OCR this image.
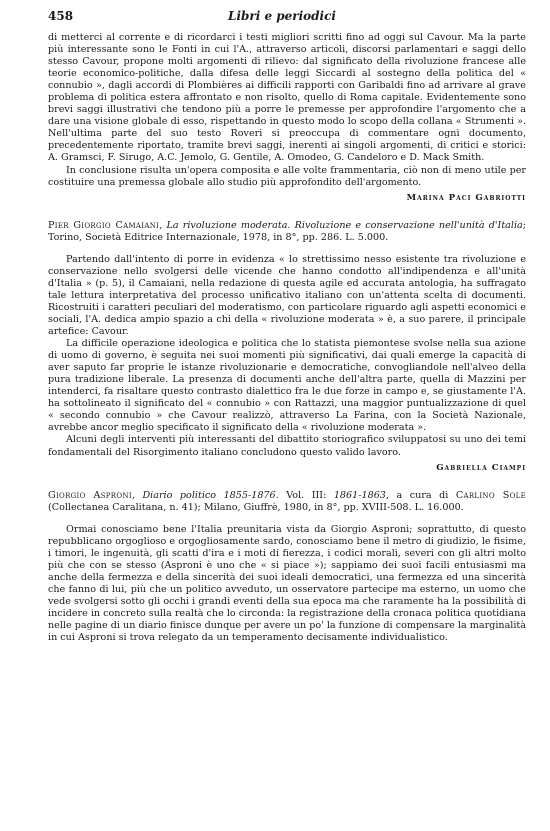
458	Libri e periodici

di metterci al corrente e di ricordarci i testi migliori scritti fino ad oggi sul Cavour. Ma la parte più interessante sono le Fonti in cui l'A., attraverso articoli, discorsi parlamentari e saggi dello stesso Cavour, propone molti argomenti di rilievo: dal significato della rivoluzione francese alle teorie economico-politiche, dalla difesa delle leggi Siccardi al sostegno della politica del « connubio », dagli accordi di Plombières ai difficili rapporti con Garibaldi fino ad arrivare al grave problema di politica estera affrontato e non risolto, quello di Roma capitale. Evidentemente sono brevi saggi illustrativi che tendono più a porre le premesse per approfondire l'argomento che a dare una visione globale di esso, rispettando in questo modo lo scopo della collana « Strumenti ». Nell'ultima parte del suo testo Roveri si preoccupa di commentare ogni documento, precedentemente riportato, tramite brevi saggi, inerenti ai singoli argomenti, di critici e storici: A. Gramsci, F. Sirugo, A.C. Jemolo, G. Gentile, A. Omodeo, G. Candeloro e D. Mack Smith.

In conclusione risulta un'opera composita e alle volte frammentaria, ciò non di meno utile per costituire una premessa globale allo studio più approfondito dell'argomento.

Marina Paci Gabriotti

Pier Giorgio Camaiani, La rivoluzione moderata. Rivoluzione e conservazione nell'unità d'Italia; Torino, Società Editrice Internazionale, 1978, in 8°, pp. 286. L. 5.000.

Partendo dall'intento di porre in evidenza « lo strettissimo nesso esistente tra rivoluzione e conservazione nello svolgersi delle vicende che hanno condotto all'indipendenza e all'unità d'Italia » (p. 5), il Camaiani, nella redazione di questa agile ed accurata antologia, ha suffragato tale lettura interpretativa del processo unificativo italiano con un'attenta scelta di documenti. Ricostruiti i caratteri peculiari del moderatismo, con particolare riguardo agli aspetti economici e sociali, l'A. dedica ampio spazio a chi della « rivoluzione moderata » è, a suo parere, il principale artefice: Cavour.

La difficile operazione ideologica e politica che lo statista piemontese svolse nella sua azione di uomo di governo, è seguita nei suoi momenti più significativi, dai quali emerge la capacità di aver saputo far proprie le istanze rivoluzionarie e democratiche, convogliandole nell'alveo della pura tradizione liberale. La presenza di documenti anche dell'altra parte, quella di Mazzini per intenderci, fa risaltare questo contrasto dialettico fra le due forze in campo e, se giustamente l'A. ha sottolineato il significato del « connubio » con Rattazzi, una maggior puntualizzazione di quel « secondo connubio » che Cavour realizzò, attraverso La Farina, con la Società Nazionale, avrebbe ancor meglio specificato il significato della « rivoluzione moderata ».

Alcuni degli interventi più interessanti del dibattito storiografico sviluppatosi su uno dei temi fondamentali del Risorgimento italiano concludono questo valido lavoro.

Gabriella Ciampi

Giorgio Asproni, Diario politico 1855-1876. Vol. III: 1861-1863, a cura di Carlino Sole (Collectanea Caralitana, n. 41); Milano, Giuffrè, 1980, in 8°, pp. XVIII-508. L. 16.000.

Ormai conosciamo bene l'Italia preunitaria vista da Giorgio Asproni; soprattutto, di questo repubblicano orgoglioso e orgogliosamente sardo, conosciamo bene il metro di giudizio, le fisime, i timori, le ingenuità, gli scatti d'ira e i moti di fierezza, i codici morali, severi con gli altri molto più che con se stesso (Asproni è uno che « si piace »); sappiamo dei suoi facili entusiasmi ma anche della fermezza e della sincerità dei suoi ideali democratici, una fermezza ed una sincerità che fanno di lui, più che un politico avveduto, un osservatore partecipe ma esterno, un uomo che vede svolgersi sotto gli occhi i grandi eventi della sua epoca ma che raramente ha la possibilità di incidere in concreto sulla realtà che lo circonda: la registrazione della cronaca politica quotidiana nelle pagine di un diario finisce dunque per avere un po' la funzione di compensare la marginalità in cui Asproni si trova relegato da un temperamento decisamente individualistico.
